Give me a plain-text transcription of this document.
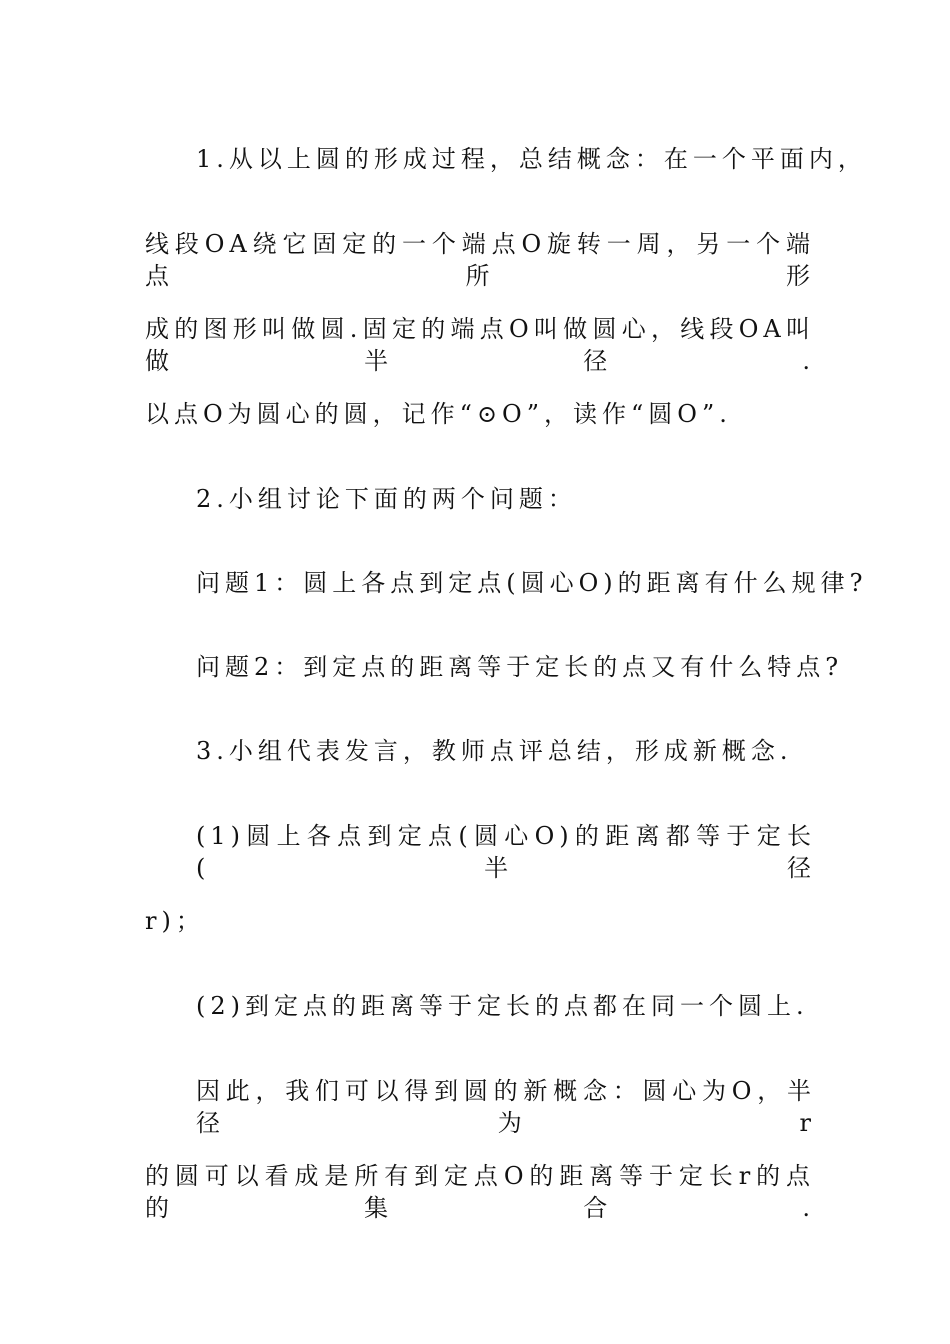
1.从以上圆的形成过程，总结概念：在一个平面内，
线段OA绕它固定的一个端点O旋转一周，另一个端点所形
成的图形叫做圆.固定的端点O叫做圆心，线段OA叫做半径.
以点O为圆心的圆，记作“⊙O”，读作“圆O”.
2.小组讨论下面的两个问题：
问题1：圆上各点到定点(圆心O)的距离有什么规律?
问题2：到定点的距离等于定长的点又有什么特点?
3.小组代表发言，教师点评总结，形成新概念.
(1)圆上各点到定点(圆心O)的距离都等于定长(半径
r)；
(2)到定点的距离等于定长的点都在同一个圆上.
因此，我们可以得到圆的新概念：圆心为O，半径为r
的圆可以看成是所有到定点O的距离等于定长r的点的集合.
